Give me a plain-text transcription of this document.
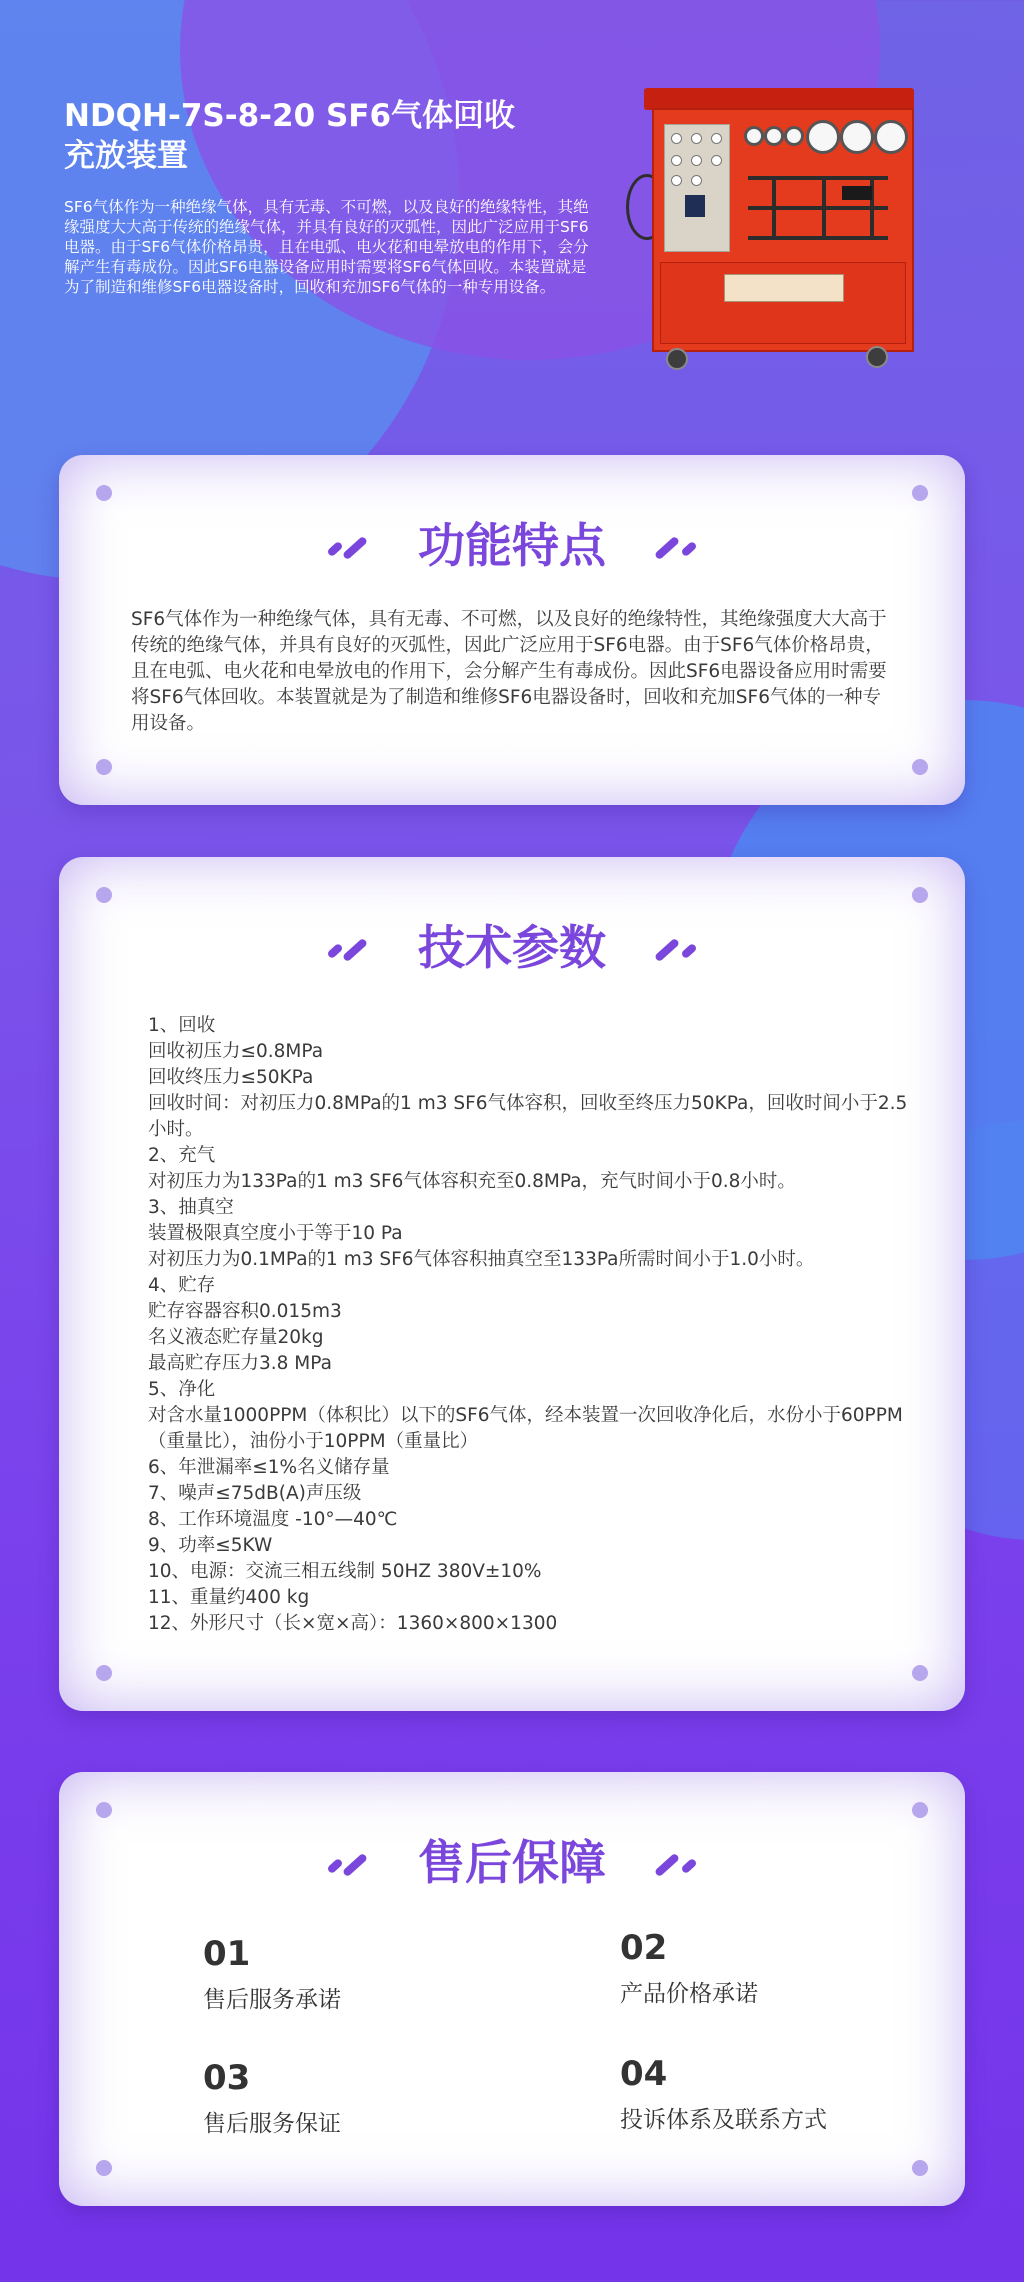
NDQH-7S-8-20 SF6气体回收
充放装置

SF6气体作为一种绝缘气体，具有无毒、不可燃，以及良好的绝缘特性，其绝缘强度大大高于传统的绝缘气体，并具有良好的灭弧性，因此广泛应用于SF6电器。由于SF6气体价格昂贵，且在电弧、电火花和电晕放电的作用下，会分解产生有毒成份。因此SF6电器设备应用时需要将SF6气体回收。本装置就是为了制造和维修SF6电器设备时，回收和充加SF6气体的一种专用设备。

功能特点

SF6气体作为一种绝缘气体，具有无毒、不可燃，以及良好的绝缘特性，其绝缘强度大大高于传统的绝缘气体，并具有良好的灭弧性，因此广泛应用于SF6电器。由于SF6气体价格昂贵，且在电弧、电火花和电晕放电的作用下，会分解产生有毒成份。因此SF6电器设备应用时需要将SF6气体回收。本装置就是为了制造和维修SF6电器设备时，回收和充加SF6气体的一种专用设备。

技术参数
1、回收
回收初压力≤0.8MPa
回收终压力≤50KPa
回收时间：对初压力0.8MPa的1 m3 SF6气体容积，回收至终压力50KPa，回收时间小于2.5小时。
2、充气
对初压力为133Pa的1 m3 SF6气体容积充至0.8MPa，充气时间小于0.8小时。
3、抽真空
装置极限真空度小于等于10 Pa
对初压力为0.1MPa的1 m3 SF6气体容积抽真空至133Pa所需时间小于1.0小时。
4、贮存
贮存容器容积0.015m3
名义液态贮存量20kg
最高贮存压力3.8 MPa
5、净化
对含水量1000PPM（体积比）以下的SF6气体，经本装置一次回收净化后，水份小于60PPM（重量比），油份小于10PPM（重量比）
6、年泄漏率≤1%名义储存量
7、噪声≤75dB(A)声压级
8、工作环境温度 -10°—40℃
9、功率≤5KW
10、电源：交流三相五线制 50HZ 380V±10%
11、重量约400 kg
12、外形尺寸（长×宽×高）：1360×800×1300
售后保障

01

售后服务承诺

02

产品价格承诺

03

售后服务保证

04

投诉体系及联系方式
